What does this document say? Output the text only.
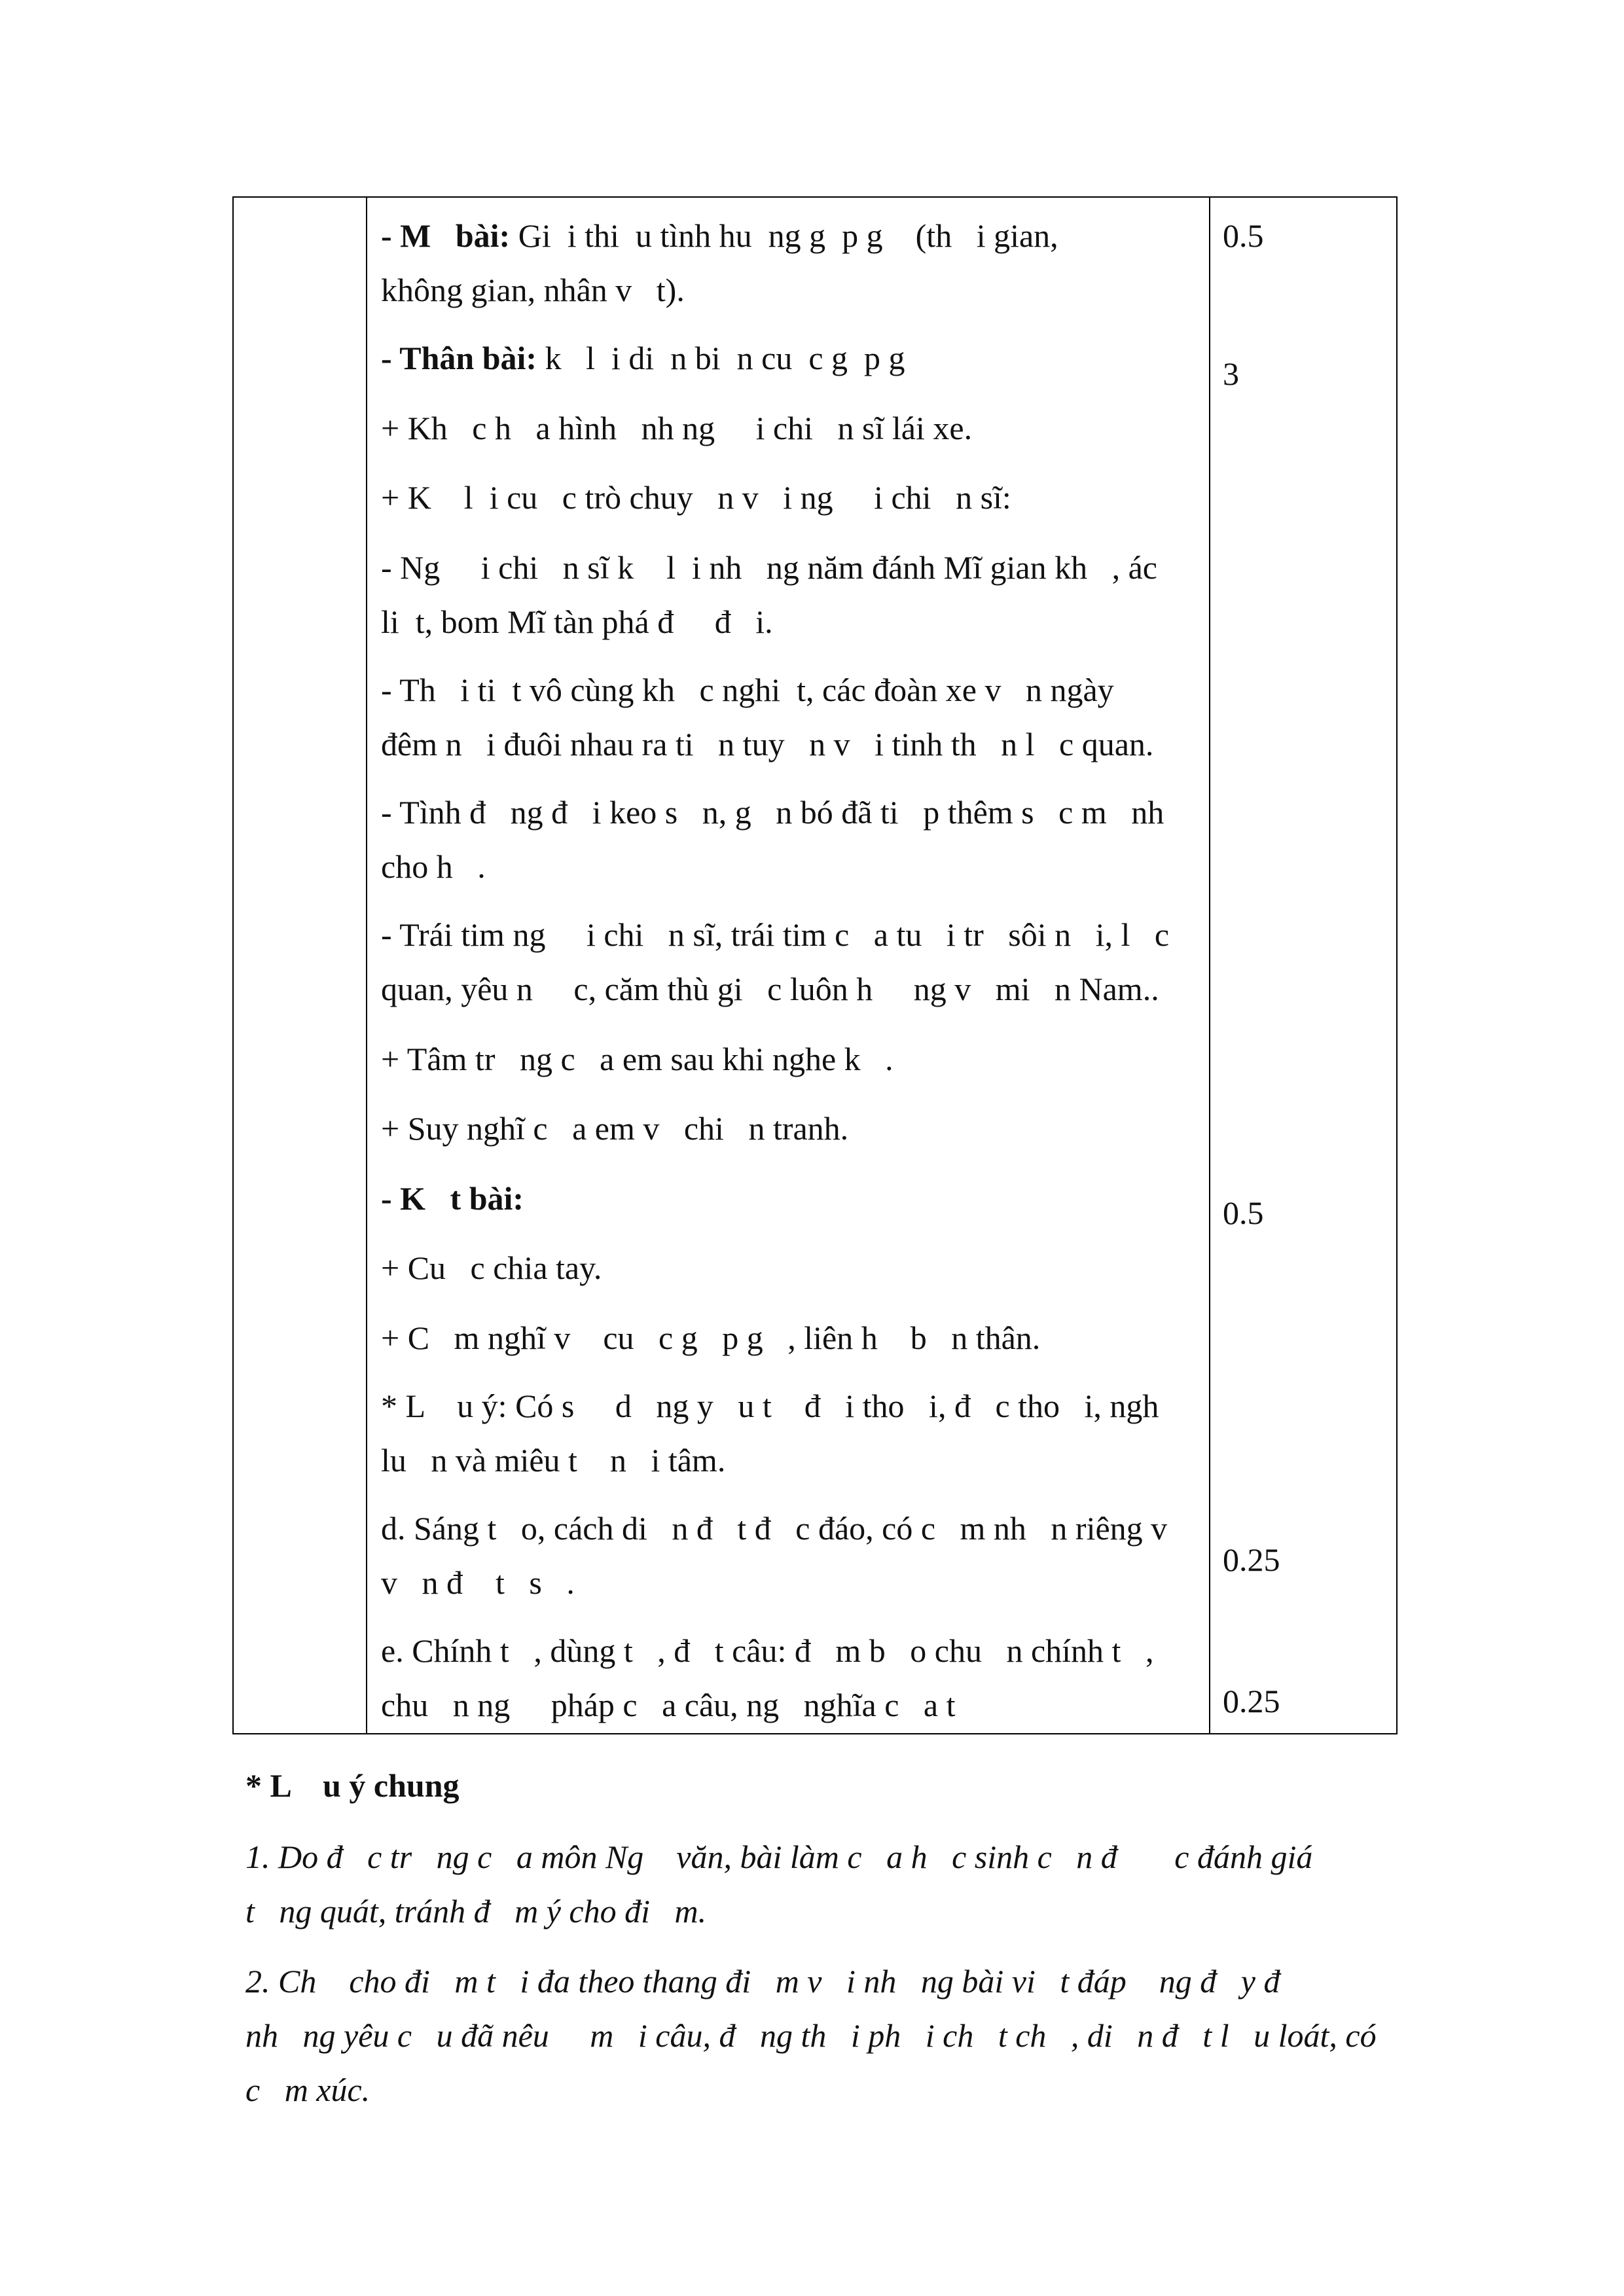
- M   bài: Gi  i thi  u tình hu  ng g  p g    (th   i gian,
không gian, nhân v   t).
- Thân bài: k   l  i di  n bi  n cu  c g  p g
+ Kh   c h   a hình   nh ng     i chi   n sĩ lái xe.
+ K    l  i cu   c trò chuy   n v   i ng     i chi   n sĩ:
- Ng     i chi   n sĩ k    l  i nh   ng năm đánh Mĩ gian kh   , ác
li  t, bom Mĩ tàn phá đ     đ   i.
- Th   i ti  t vô cùng kh   c nghi  t, các đoàn xe v   n ngày
đêm n   i đuôi nhau ra ti   n tuy   n v   i tinh th   n l   c quan.
- Tình đ   ng đ   i keo s   n, g   n bó đã ti   p thêm s   c m   nh
cho h   .
- Trái tim ng     i chi   n sĩ, trái tim c   a tu   i tr   sôi n   i, l   c
quan, yêu n     c, căm thù gi   c luôn h     ng v   mi   n Nam..
+ Tâm tr   ng c   a em sau khi nghe k   .
+ Suy nghĩ c   a em v   chi   n tranh.
- K   t bài:
+ Cu   c chia tay.
+ C   m nghĩ v    cu   c g   p g   , liên h    b   n thân.
* L    u ý: Có s     d   ng y   u t    đ   i tho   i, đ   c tho   i, ngh
lu   n và miêu t    n   i tâm.
d. Sáng t   o, cách di   n đ   t đ   c đáo, có c   m nh   n riêng v
v   n đ    t   s   .
e. Chính t   , dùng t   , đ   t câu: đ   m b   o chu   n chính t   ,
chu   n ng     pháp c   a câu, ng   nghĩa c   a t
0.5
3
0.5
0.25
0.25
* L    u ý chung
1. Do đ   c tr   ng c   a môn Ng    văn, bài làm c   a h   c sinh c   n đ       c đánh giá
t   ng quát, tránh đ   m ý cho đi   m.
2. Ch    cho đi   m t   i đa theo thang đi   m v   i nh   ng bài vi   t đáp    ng đ   y đ
nh   ng yêu c   u đã nêu     m   i câu, đ   ng th   i ph   i ch   t ch   , di   n đ   t l   u loát, có
c   m xúc.
